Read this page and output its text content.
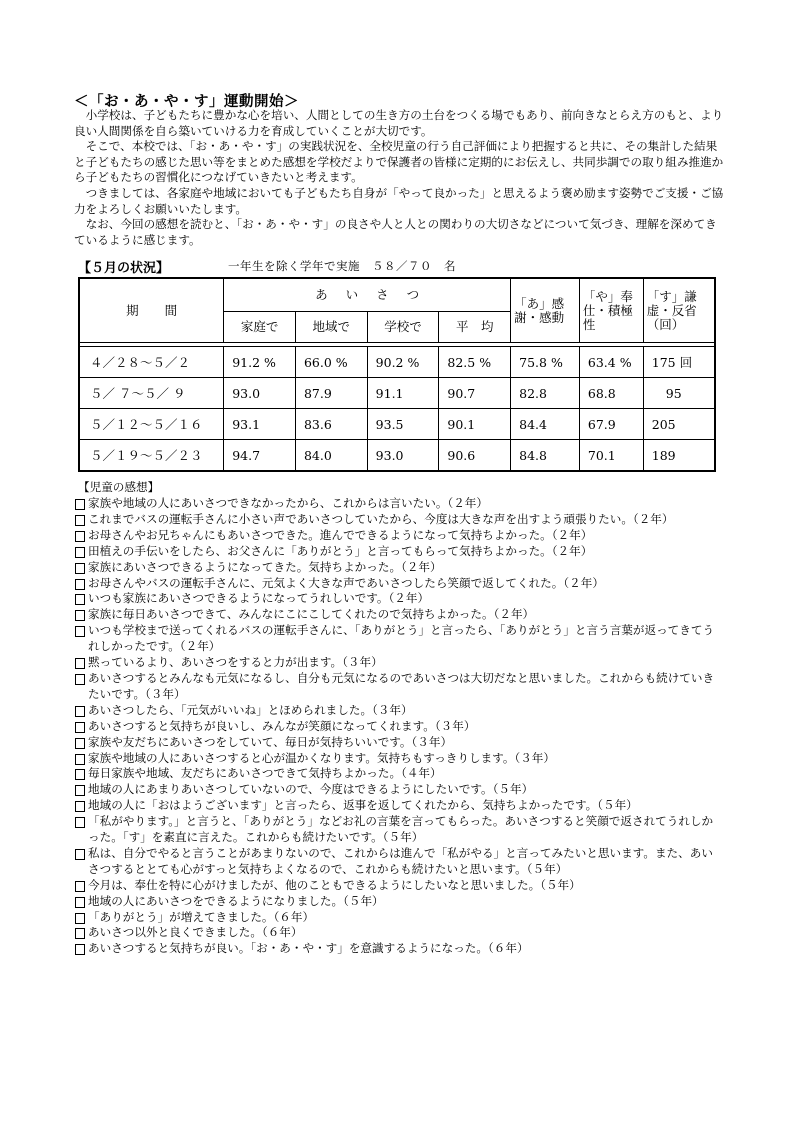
＜「お・あ・や・す」運動開始＞

小学校は、子どもたちに豊かな心を培い、人間としての生き方の土台をつくる場でもあり、前向きなとらえ方のもと、より良い人間関係を自ら築いていける力を育成していくことが大切です。

そこで、本校では、「お・あ・や・す」の実践状況を、全校児童の行う自己評価により把握すると共に、その集計した結果と子どもたちの感じた思い等をまとめた感想を学校だよりで保護者の皆様に定期的にお伝えし、共同歩調での取り組み推進から子どもたちの習慣化につなげていきたいと考えます。

つきましては、各家庭や地域においても子どもたち自身が「やって良かった」と思えるよう褒め励ます姿勢でご支援・ご協力をよろしくお願いいたします。

なお、今回の感想を読むと、「お・あ・や・す」の良さや人と人との関わりの大切さなどについて気づき、理解を深めてきているように感じます。

【５月の状況】	一年生を除く学年で実施　５８／７０　名
期間	あいさつ				「あ」感謝・感動	「や」奉仕・積極性	「す」謙虚・反省（回）
	家庭で	地域で	学校で	平　均			

４／２８〜５／２	91.2 %	66.0 %	90.2 %	82.5 %	75.8 %	63.4 %	175 回
５／ ７〜５／ ９	93.0	87.9	91.1	90.7	82.8	68.8	95
５／１２〜５／１６	93.1	83.6	93.5	90.1	84.4	67.9	205
５／１９〜５／２３	94.7	84.0	93.0	90.6	84.8	70.1	189
【児童の感想】
家族や地域の人にあいさつできなかったから、これからは言いたい。（２年）
これまでバスの運転手さんに小さい声であいさつしていたから、今度は大きな声を出すよう頑張りたい。（２年）
お母さんやお兄ちゃんにもあいさつできた。進んでできるようになって気持ちよかった。（２年）
田植えの手伝いをしたら、お父さんに「ありがとう」と言ってもらって気持ちよかった。（２年）
家族にあいさつできるようになってきた。気持ちよかった。（２年）
お母さんやバスの運転手さんに、元気よく大きな声であいさつしたら笑顔で返してくれた。（２年）
いつも家族にあいさつできるようになってうれしいです。（２年）
家族に毎日あいさつできて、みんなにこにこしてくれたので気持ちよかった。（２年）
いつも学校まで送ってくれるバスの運転手さんに、「ありがとう」と言ったら、「ありがとう」と言う言葉が返ってきてうれしかったです。（２年）
黙っているより、あいさつをすると力が出ます。（３年）
あいさつするとみんなも元気になるし、自分も元気になるのであいさつは大切だなと思いました。これからも続けていきたいです。（３年）
あいさつしたら、「元気がいいね」とほめられました。（３年）
あいさつすると気持ちが良いし、みんなが笑顔になってくれます。（３年）
家族や友だちにあいさつをしていて、毎日が気持ちいいです。（３年）
家族や地域の人にあいさつすると心が温かくなります。気持ちもすっきりします。（３年）
毎日家族や地域、友だちにあいさつできて気持ちよかった。（４年）
地域の人にあまりあいさつしていないので、今度はできるようにしたいです。（５年）
地域の人に「おはようございます」と言ったら、返事を返してくれたから、気持ちよかったです。（５年）
「私がやります。」と言うと、「ありがとう」などお礼の言葉を言ってもらった。あいさつすると笑顔で返されてうれしかった。「す」を素直に言えた。これからも続けたいです。（５年）
私は、自分でやると言うことがあまりないので、これからは進んで「私がやる」と言ってみたいと思います。また、あいさつするととても心がすっと気持ちよくなるので、これからも続けたいと思います。（５年）
今月は、奉仕を特に心がけましたが、他のこともできるようにしたいなと思いました。（５年）
地域の人にあいさつをできるようになりました。（５年）
「ありがとう」が増えてきました。（６年）
あいさつ以外と良くできました。（６年）
あいさつすると気持ちが良い。「お・あ・や・す」を意識するようになった。（６年）
